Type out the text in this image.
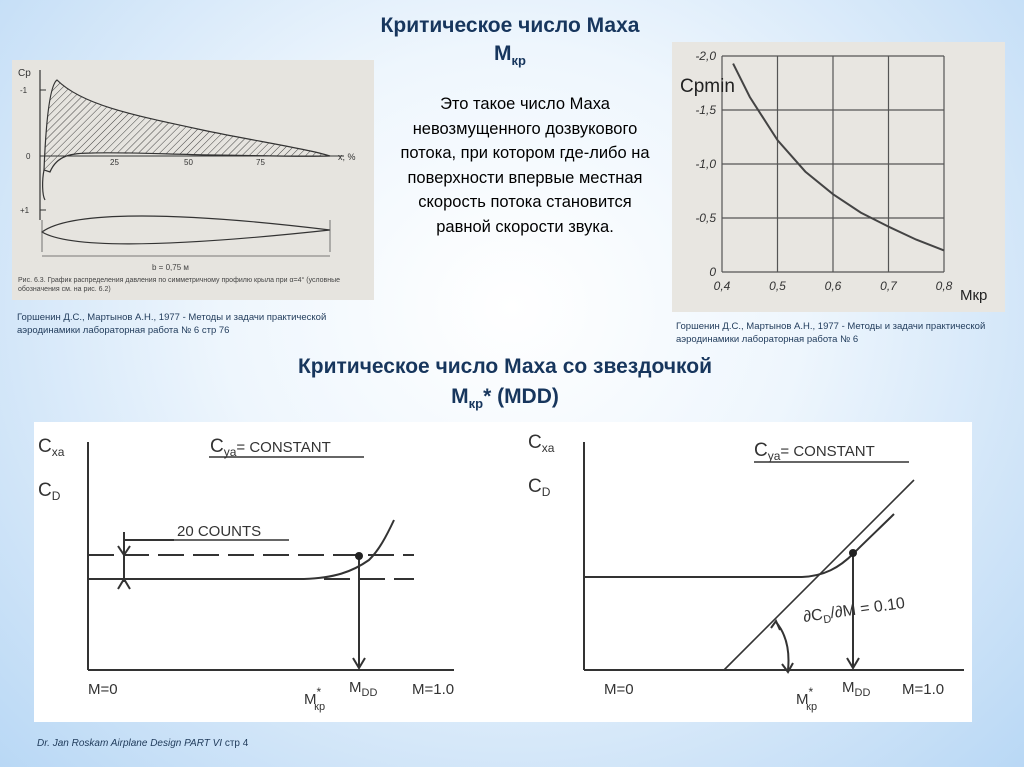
Критическое число Маха
$М_{кр}$
Это такое число Маха невозмущенного дозвукового потока, при котором где-либо на поверхности впервые местная скорость потока становится равной скорости звука.
Cp
-1
0
+1
25	50	75
x, %
b = 0,75 м
Рис. 6.3. График распределения давления по симметричному профилю крыла при α=4° (условные обозначения см. на рис. 6.2)
Горшенин Д.С., Мартынов А.Н., 1977 - Методы и задачи практической аэродинамики лабораторная работа № 6 стр 76
-2,0
-1,5
-1,0
-0,5
0
0,4	0,5	0,6	0,7	0,8
Cpmin
Мкр
Горшенин Д.С., Мартынов А.Н., 1977 - Методы и задачи практической аэродинамики лабораторная работа № 6
Критическое число Маха со звездочкой
$М_{кр}*$ (MDD)
$C_{xa}$
$C_D$
$C_{ya}^{= CONSTANT}$
20 COUNTS
M=0
M* кр
$M_{DD}$ M=1.0
$C_{xa}$
$C_D$
$C_{ya}^{= CONSTANT}$
$\partial C_D/\partial M = 0.10$
M=0
M* кр
$M_{DD}$ M=1.0
Dr. Jan Roskam Airplane Design PART VI стр 4
